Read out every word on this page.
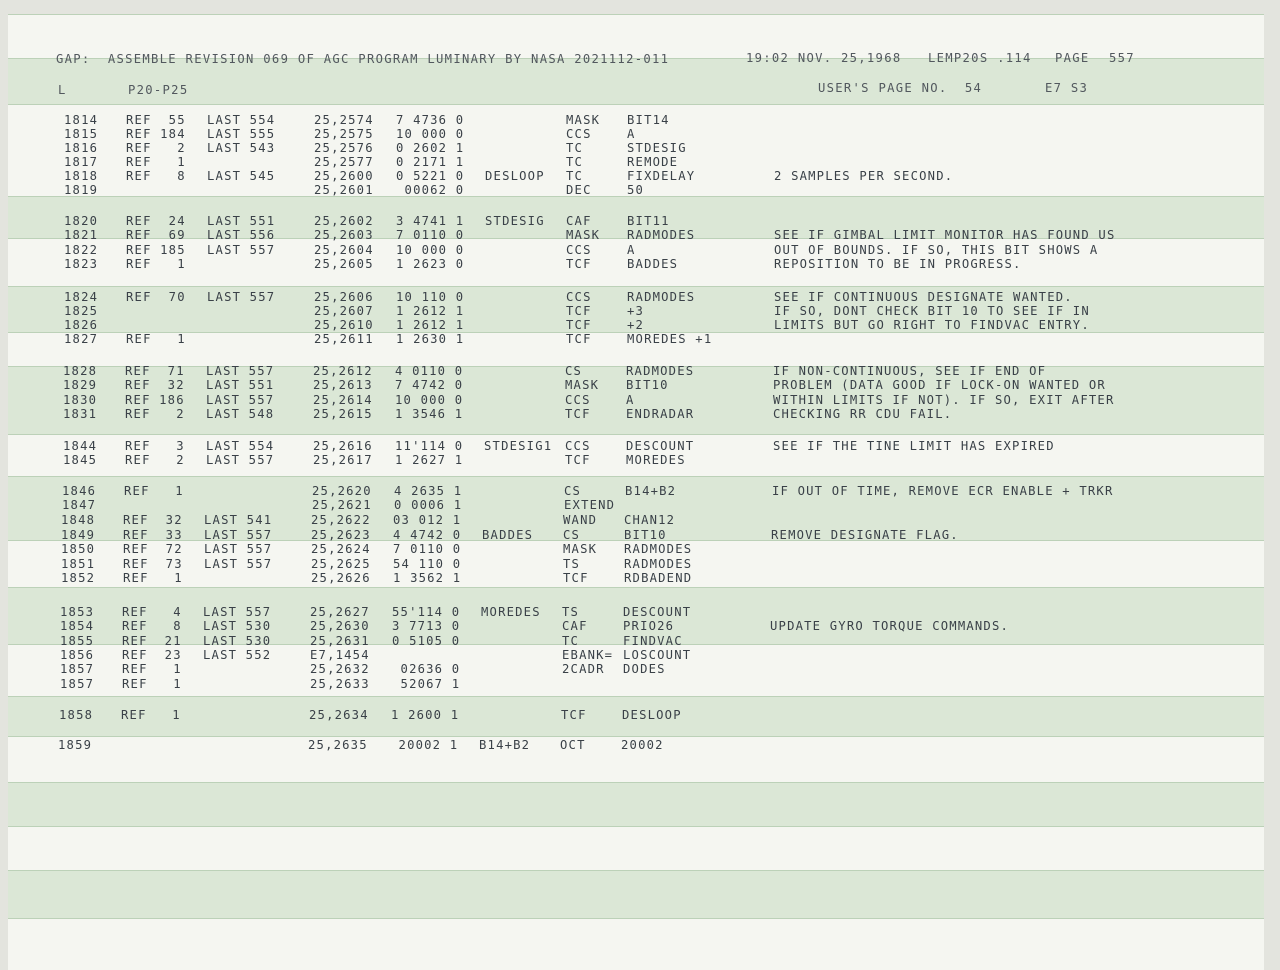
GAP:  ASSEMBLE REVISION 069 OF AGC PROGRAM LUMINARY BY NASA 2021112-011	19:02 NOV. 25,1968 LEMP20S .114 PAGE 557
L	P20-P25	USER'S PAGE NO.  54	E7 S3
1814 REF  55 LAST 554	25,2574 7 4736 0	MASK BIT14
1815 REF 184 LAST 555	25,2575 10 000 0	CCS	A
1816 REF   2 LAST 543	25,2576 0 2602 1	TC	STDESIG
1817 REF   1	25,2577 0 2171 1	TC	REMODE
1818 REF   8 LAST 545	25,2600 0 5221 0 DESLOOP TC	FIXDELAY	2 SAMPLES PER SECOND.
1819	25,2601 00062 0	DEC	50
1820 REF  24 LAST 551	25,2602 3 4741 1 STDESIG CAF	BIT11
1821 REF  69 LAST 556	25,2603 7 0110 0	MASK RADMODES	SEE IF GIMBAL LIMIT MONITOR HAS FOUND US
1822 REF 185 LAST 557	25,2604 10 000 0	CCS	A	OUT OF BOUNDS. IF SO, THIS BIT SHOWS A
1823 REF   1	25,2605 1 2623 0	TCF	BADDES	REPOSITION TO BE IN PROGRESS.
1824 REF  70 LAST 557	25,2606 10 110 0	CCS	RADMODES	SEE IF CONTINUOUS DESIGNATE WANTED.
1825	25,2607 1 2612 1	TCF	+3	IF SO, DONT CHECK BIT 10 TO SEE IF IN
1826	25,2610 1 2612 1	TCF	+2	LIMITS BUT GO RIGHT TO FINDVAC ENTRY.
1827 REF   1	25,2611 1 2630 1	TCF	MOREDES +1
1828 REF  71 LAST 557	25,2612 4 0110 0	CS	RADMODES	IF NON-CONTINUOUS, SEE IF END OF
1829 REF  32 LAST 551	25,2613 7 4742 0	MASK BIT10	PROBLEM (DATA GOOD IF LOCK-ON WANTED OR
1830 REF 186 LAST 557	25,2614 10 000 0	CCS	A	WITHIN LIMITS IF NOT). IF SO, EXIT AFTER
1831 REF   2 LAST 548	25,2615 1 3546 1	TCF	ENDRADAR	CHECKING RR CDU FAIL.
1844 REF   3 LAST 554	25,2616 11'114 0 STDESIG1 CCS	DESCOUNT	SEE IF THE TINE LIMIT HAS EXPIRED
1845 REF   2 LAST 557	25,2617 1 2627 1	TCF	MOREDES
1846 REF   1	25,2620 4 2635 1	CS	B14+B2	IF OUT OF TIME, REMOVE ECR ENABLE + TRKR
1847	25,2621 0 0006 1	EXTEND
1848 REF  32 LAST 541	25,2622 03 012 1	WAND CHAN12
1849 REF  33 LAST 557	25,2623 4 4742 0 BADDES CS	BIT10	REMOVE DESIGNATE FLAG.
1850 REF  72 LAST 557	25,2624 7 0110 0	MASK RADMODES
1851 REF  73 LAST 557	25,2625 54 110 0	TS	RADMODES
1852 REF   1	25,2626 1 3562 1	TCF	RDBADEND
1853 REF   4 LAST 557	25,2627 55'114 0 MOREDES TS	DESCOUNT
1854 REF   8 LAST 530	25,2630 3 7713 0	CAF	PRIO26	UPDATE GYRO TORQUE COMMANDS.
1855 REF  21 LAST 530	25,2631 0 5105 0	TC	FINDVAC
1856 REF  23 LAST 552	E7,1454	EBANK= LOSCOUNT
1857 REF   1	25,2632 02636 0	2CADR DODES
1857 REF   1	25,2633 52067 1
1858 REF   1	25,2634 1 2600 1	TCF	DESLOOP
1859	25,2635 20002 1 B14+B2 OCT	20002
